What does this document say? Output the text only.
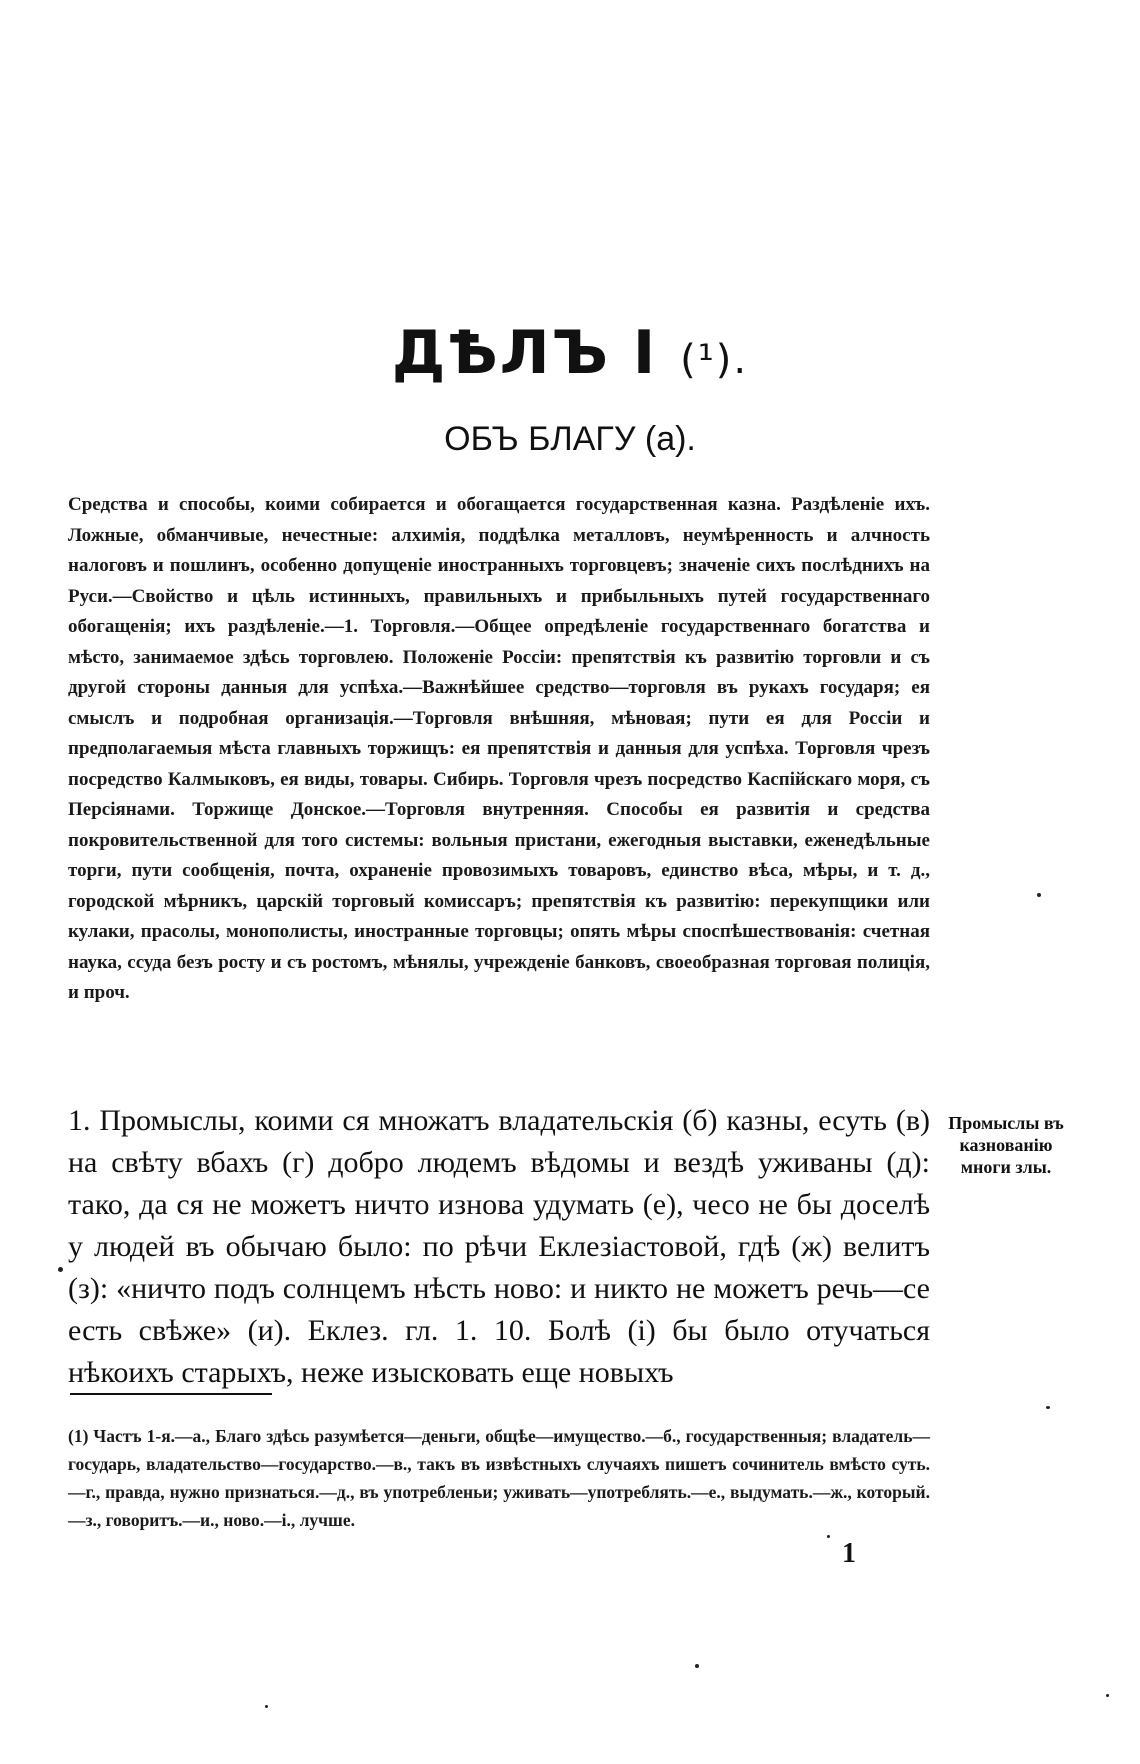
ДѢЛЪ I (¹).
ОБЪ БЛАГУ (а).
Средства и способы, коими собирается и обогащается государственная казна. Раздѣленіе ихъ. Ложные, обманчивые, нечестные: алхимія, поддѣлка металловъ, неумѣренность и алчность налоговъ и пошлинъ, особенно допущеніе иностранныхъ торговцевъ; значеніе сихъ послѣднихъ на Руси.—Свойство и цѣль истинныхъ, правильныхъ и прибыльныхъ путей государственнаго обогащенія; ихъ раздѣленіе.—1. Торговля.—Общее опредѣленіе государственнаго богатства и мѣсто, занимаемое здѣсь торговлею. Положеніе Россіи: препятствія къ развитію торговли и съ другой стороны данныя для успѣха.—Важнѣйшее средство—торговля въ рукахъ государя; ея смыслъ и подробная организація.—Торговля внѣшняя, мѣновая; пути ея для Россіи и предполагаемыя мѣста главныхъ торжищъ: ея препятствія и данныя для успѣха. Торговля чрезъ посредство Калмыковъ, ея виды, товары. Сибирь. Торговля чрезъ посредство Каспійскаго моря, съ Персіянами. Торжище Донское.—Торговля внутренняя. Способы ея развитія и средства покровительственной для того системы: вольныя пристани, ежегодныя выставки, еженедѣльные торги, пути сообщенія, почта, охраненіе провозимыхъ товаровъ, единство вѣса, мѣры, и т. д., городской мѣрникъ, царскій торговый комиссаръ; препятствія къ развитію: перекупщики или кулаки, прасолы, монополисты, иностранные торговцы; опять мѣры споспѣшествованія: счетная наука, ссуда безъ росту и съ ростомъ, мѣнялы, учрежденіе банковъ, своеобразная торговая полиція, и проч.
1. Промыслы, коими ся множатъ владательскія (б) казны, есуть (в) на свѣту вбахъ (г) добро людемъ вѣдомы и вездѣ уживаны (д): тако, да ся не можетъ ничто изнова удумать (е), чесо не бы доселѣ у людей въ обычаю было: по рѣчи Еклезіастовой, гдѣ (ж) велитъ (з): «ничто подъ солнцемъ нѣсть ново: и никто не можетъ речь—се есть свѣже» (и). Еклез. гл. 1. 10. Болѣ (і) бы было отучаться нѣкоихъ старыхъ, неже изысковать еще новыхъ
Промыслы въ казнованію многи злы.
(1) Частъ 1-я.—а., Благо здѣсь разумѣется—деньги, общѣе—имущество.—б., государственныя; владатель—государь, владательство—государство.—в., такъ въ извѣстныхъ случаяхъ пишетъ сочинитель вмѣсто суть.—г., правда, нужно признаться.—д., въ употребленьи; уживать—употреблять.—е., выдумать.—ж., который.—з., говоритъ.—и., ново.—і., лучше.
1
